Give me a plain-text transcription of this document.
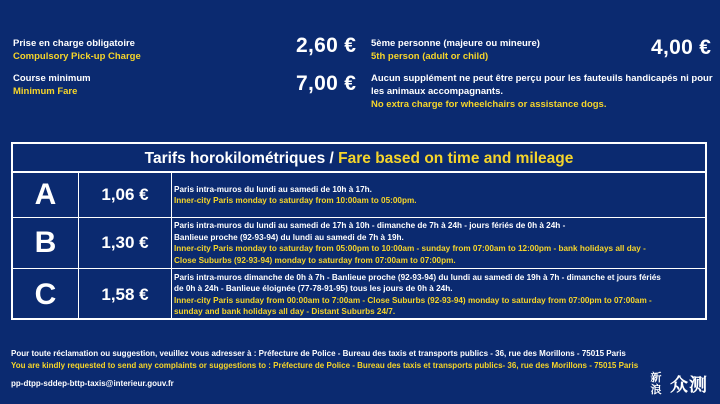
Prise en charge obligatoire
Compulsory Pick-up Charge	2,60 €
Course minimum
Minimum Fare	7,00 €
5ème personne (majeure ou mineure)
5th person (adult or child)	4,00 €
Aucun supplément ne peut être perçu pour les fauteuils handicapés ni pour
les animaux accompagnants.
No extra charge for wheelchairs or assistance dogs.
Tarifs horokilométriques / Fare based on time and mileage
A	1,06 €	Paris intra-muros du lundi au samedi de 10h à 17h.
Inner-city Paris monday to saturday from 10:00am to 05:00pm.
B	1,30 €
Paris intra-muros du lundi au samedi de 17h à 10h - dimanche de 7h à 24h - jours fériés de 0h à 24h -
Banlieue proche (92-93-94) du lundi au samedi de 7h à 19h.
Inner-city Paris monday to saturday from 05:00pm to 10:00am - sunday from 07:00am to 12:00pm - bank holidays all day -
Close Suburbs (92-93-94) monday to saturday from 07:00am to 07:00pm.
C	1,58 €
Paris intra-muros dimanche de 0h à 7h - Banlieue proche (92-93-94) du lundi au samedi de 19h à 7h - dimanche et jours fériés
de 0h à 24h - Banlieue éloignée (77-78-91-95) tous les jours de 0h à 24h.
Inner-city Paris sunday from 00:00am to 7:00am - Close Suburbs (92-93-94) monday to saturday from 07:00pm to 07:00am -
sunday and bank holidays all day - Distant Suburbs 24/7.
Pour toute réclamation ou suggestion, veuillez vous adresser à : Préfecture de Police - Bureau des taxis et transports publics - 36, rue des Morillons - 75015 Paris
You are kindly requested to send any complaints or suggestions to : Préfecture de Police - Bureau des taxis et transports publics- 36, rue des Morillons - 75015 Paris
pp-dtpp-sddep-bttp-taxis@interieur.gouv.fr	新
浪 众测
